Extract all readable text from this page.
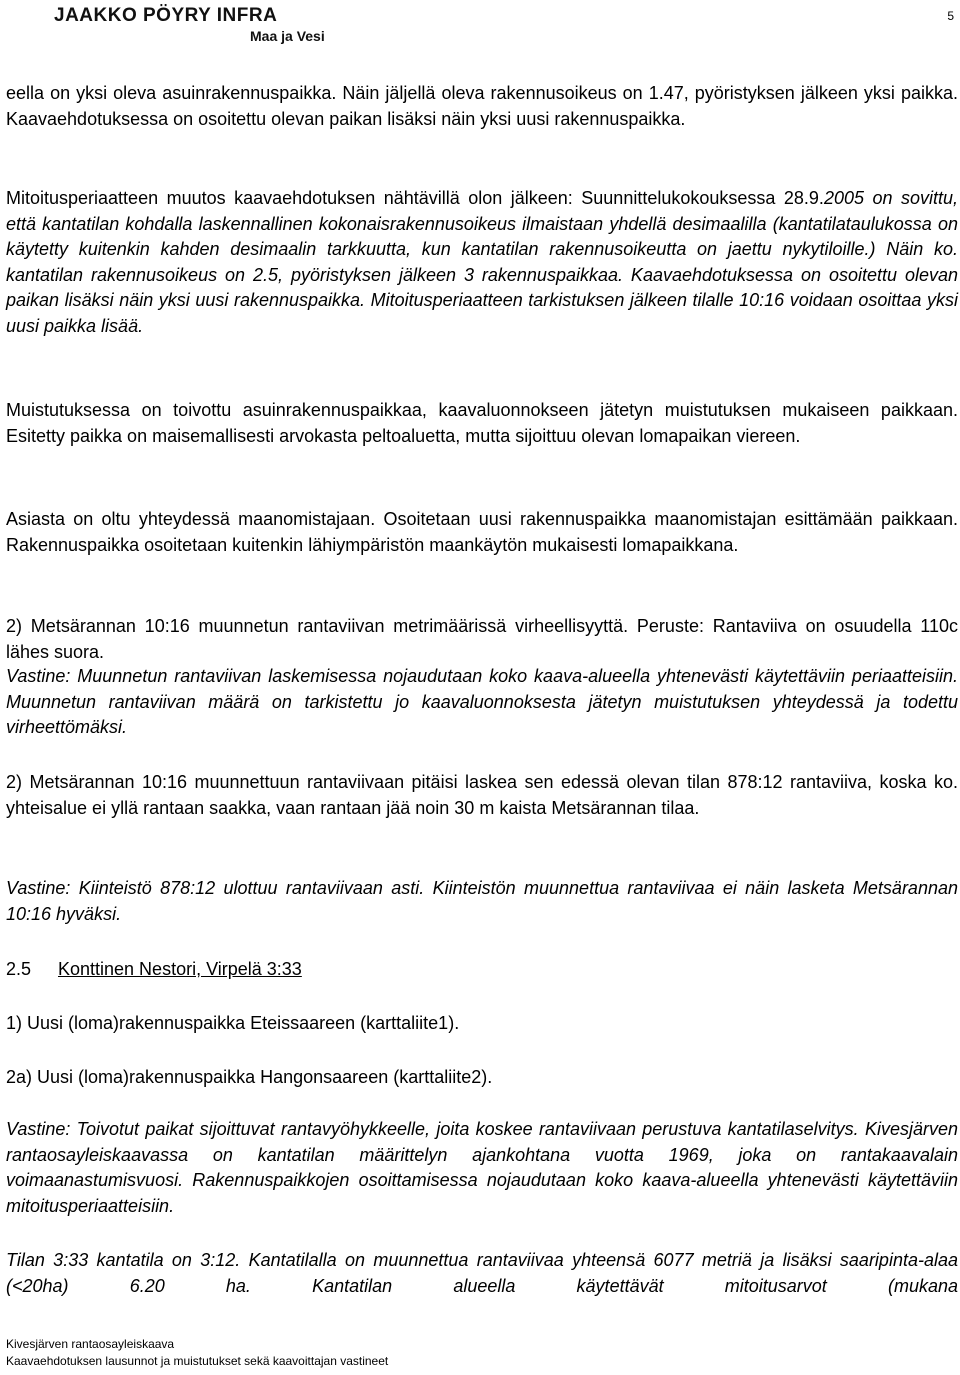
JAAKKO PÖYRY INFRA
Maa ja Vesi
5

eella on yksi oleva asuinrakennuspaikka. Näin jäljellä oleva rakennusoikeus on 1.47, pyöristyksen jälkeen yksi paikka. Kaavaehdotuksessa on osoitettu olevan paikan lisäksi näin yksi uusi rakennuspaikka.

Mitoitusperiaatteen muutos kaavaehdotuksen nähtävillä olon jälkeen: Suunnittelukokouksessa 28.9.2005 on sovittu, että kantatilan kohdalla laskennallinen kokonaisrakennusoikeus ilmaistaan yhdellä desimaalilla (kantatilataulukossa on käytetty kuitenkin kahden desimaalin tarkkuutta, kun kantatilan rakennusoikeutta on jaettu nykytiloille.) Näin ko. kantatilan rakennusoikeus on 2.5, pyöristyksen jälkeen 3 rakennuspaikkaa. Kaavaehdotuksessa on osoitettu olevan paikan lisäksi näin yksi uusi rakennuspaikka. Mitoitusperiaatteen tarkistuksen jälkeen tilalle 10:16 voidaan osoittaa yksi uusi paikka lisää.

Muistutuksessa on toivottu asuinrakennuspaikkaa, kaavaluonnokseen jätetyn muistutuksen mukaiseen paikkaan. Esitetty paikka on maisemallisesti arvokasta peltoaluetta, mutta sijoittuu olevan lomapaikan viereen.

Asiasta on oltu yhteydessä maanomistajaan. Osoitetaan uusi rakennuspaikka maanomistajan esittämään paikkaan. Rakennuspaikka osoitetaan kuitenkin lähiympäristön maankäytön mukaisesti lomapaikkana.

2) Metsärannan 10:16 muunnetun rantaviivan metrimäärissä virheellisyyttä. Peruste: Rantaviiva on osuudella 110c lähes suora.

Vastine: Muunnetun rantaviivan laskemisessa nojaudutaan koko kaava-alueella yhtenevästi käytettäviin periaatteisiin. Muunnetun rantaviivan määrä on tarkistettu jo kaavaluonnoksesta jätetyn muistutuksen yhteydessä ja todettu virheettömäksi.

2) Metsärannan 10:16 muunnettuun rantaviivaan pitäisi laskea sen edessä olevan tilan 878:12 rantaviiva, koska ko. yhteisalue ei yllä rantaan saakka, vaan rantaan jää noin 30 m kaista Metsärannan tilaa.

Vastine: Kiinteistö 878:12 ulottuu rantaviivaan asti. Kiinteistön muunnettua rantaviivaa ei näin lasketa Metsärannan 10:16 hyväksi.

2.5 Konttinen Nestori, Virpelä 3:33

1) Uusi (loma)rakennuspaikka Eteissaareen (karttaliite1).

2a) Uusi (loma)rakennuspaikka Hangonsaareen (karttaliite2).

Vastine: Toivotut paikat sijoittuvat rantavyöhykkeelle, joita koskee rantaviivaan perustuva kantatilaselvitys. Kivesjärven rantaosayleiskaavassa on kantatilan määrittelyn ajankohtana vuotta 1969, joka on rantakaavalain voimaanastumisvuosi. Rakennuspaikkojen osoittamisessa nojaudutaan koko kaava-alueella yhtenevästi käytettäviin mitoitusperiaatteisiin.

Tilan 3:33 kantatila on 3:12. Kantatilalla on muunnettua rantaviivaa yhteensä 6077 metriä ja lisäksi saaripinta-alaa (<20ha) 6.20 ha. Kantatilan alueella käytettävät mitoitusarvot (mukana

Kivesjärven rantaosayleiskaava
Kaavaehdotuksen lausunnot ja muistutukset sekä kaavoittajan vastineet
